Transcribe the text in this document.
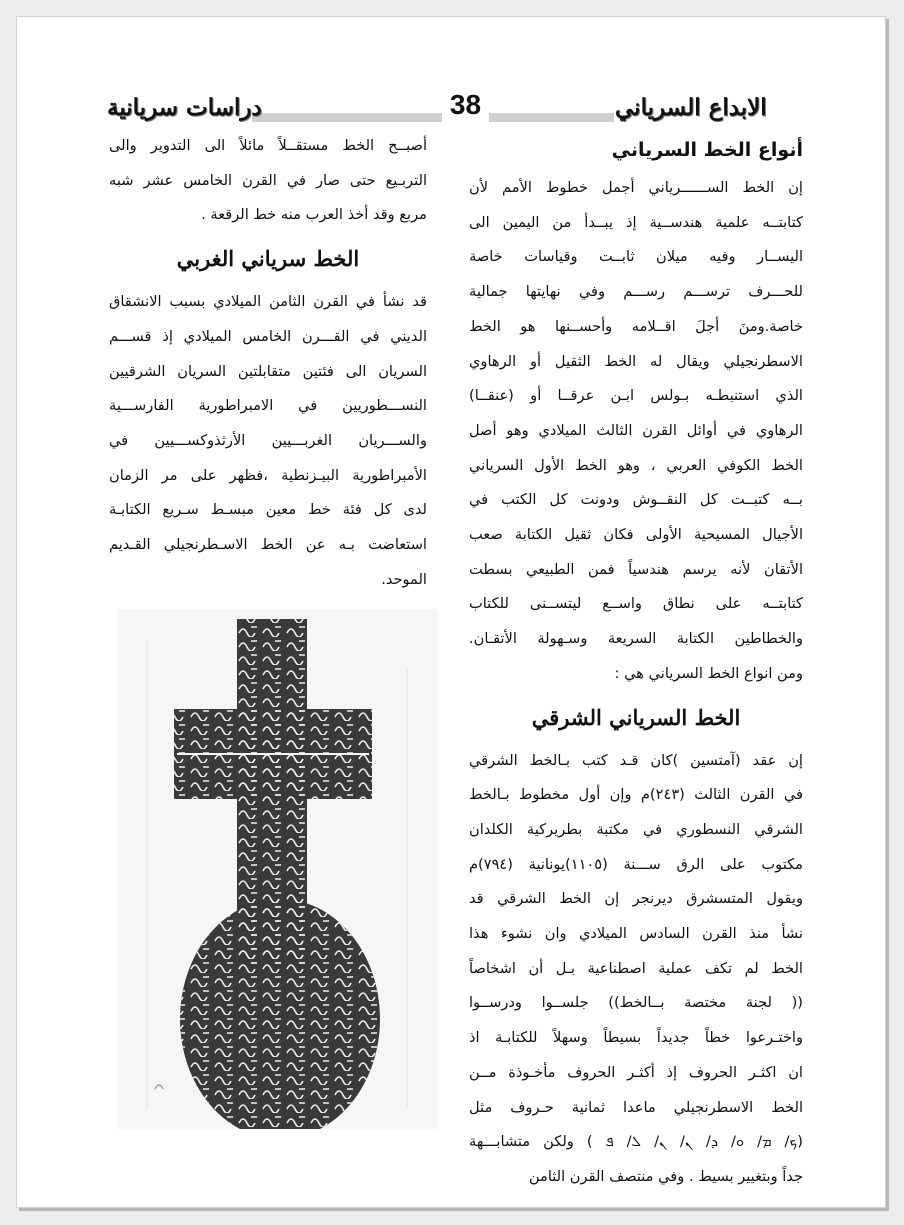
دراسات سريانية	38	الابداع السرياني
أنواع الخط السرياني
إن الخط الســــــرياني أجمل خطوط الأمم لأن
كتابتــه علمية هندســية إذ يبــدأ من اليمين الى
اليســار وفيه ميلان ثابــت وقياسات خاصة
للحـــرف ترســـم رســـم وفي نهايتها جمالية
خاصة.ومنَ أجلَ اقــلامه وأحســنها هو الخط
الاسطرنجيلي ويقال له الخط الثقيل أو الرهاوي
الذي استنبطـه بـولس ابـن عرقــا أو (عنقــا)
الرهاوي في أوائل القرن الثالث الميلادي وهو أصل
الخط الكوفي العربي ، وهو الخط الأول السرياني
بــه كتبــت كل النقــوش ودونت كل الكتب في
الأجيال المسيحية الأولى فكان ثقيل الكتابة صعب
الأتقان لأنه يرسم هندسياً فمن الطبيعي بسطت
كتابتــه على نطاق واســع ليتســنى للكتاب
والخطاطين الكتابة السريعة وسـهولة الأتقـان.
ومن انواع الخط السرياني هي :
الخط السرياني الشرقي
إن عقد (آمتسين )كان قـد كتب بـالخط الشرقي
في القرن الثالث (٢٤٣)م وإن أول مخطوط بـالخط
الشرقي النسطوري في مكتبة بطريركية الكلدان
مكتوب على الرق ســـنة (١١٠٥)يونانية (٧٩٤)م
ويقول المتسشرق ديرنجر إن الخط الشرقي قد
نشأ منذ القرن السادس الميلادي وان نشوء هذا
الخط لم تكف عملية اصطناعية بـل أن اشخاصاً
(( لجنة مختصة بــالخط)) جلســوا ودرســوا
واختـرعوا خطاً جديداً بسيطاً وسهلاً للكتابـة اذ
ان اكثـر الحروف إذ أكثـر الحروف مأخـوذة مــن
الخط الاسطرنجيلي ماعدا ثمانية حـروف مثل
(ܟ/ ܡ/ ܘ/ ܕ/ ܢ/ ܢ/ ܠ/ ܦ ) ولكن متشابـــهة
جداً وبتغيير بسيط . وفي منتصف القرن الثامن
أصبــح الخط مستقــلاً مائلاً الى التدوير والى
التربـيع حتى صار في القرن الخامس عشر شبه
مربع وقد أخذ العرب منه خط الرقعة .
الخط سرياني الغربي
قد نشأ في القرن الثامن الميلادي بسبب الانشقاق
الديني في القـــرن الخامس الميلادي إذ قســـم
السريان الى فئتين متقابلتين السريان الشرقيين
النســـطوريين في الامبراطورية الفارســـية
والســـريان الغربـــيين الأرثذوكســـيين في
الأمبراطورية البيـزنطية ،فظهر على مر الزمان
لدى كل فئة خط معين مبسـط سـريع الكتابـة
استعاضت بـه عن الخط الاسـطرنجيلي القـديم
الموحد.
